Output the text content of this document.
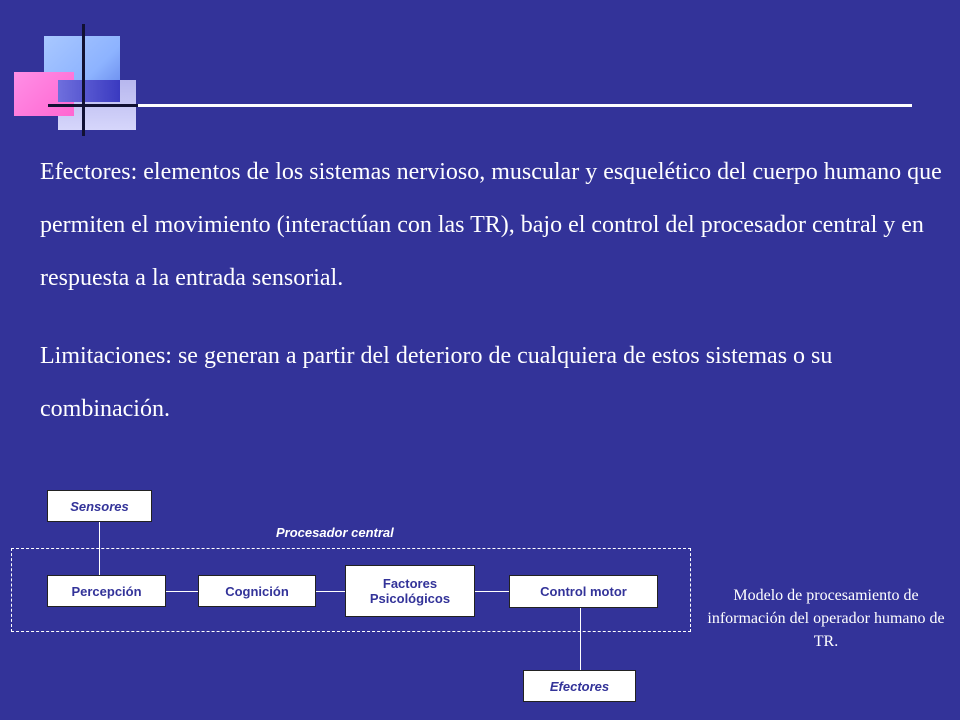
Efectores: elementos de los sistemas nervioso, muscular y esquelético del cuerpo humano que permiten el movimiento (interactúan con las TR), bajo el control del procesador central y en respuesta a la entrada sensorial.

Limitaciones: se generan a partir del deterioro de cualquiera de estos sistemas o su combinación.

Procesador central
Sensores
Percepción	Cognición	Factores
Psicológicos	Control motor
Efectores
Modelo de procesamiento de información del operador humano de TR.
